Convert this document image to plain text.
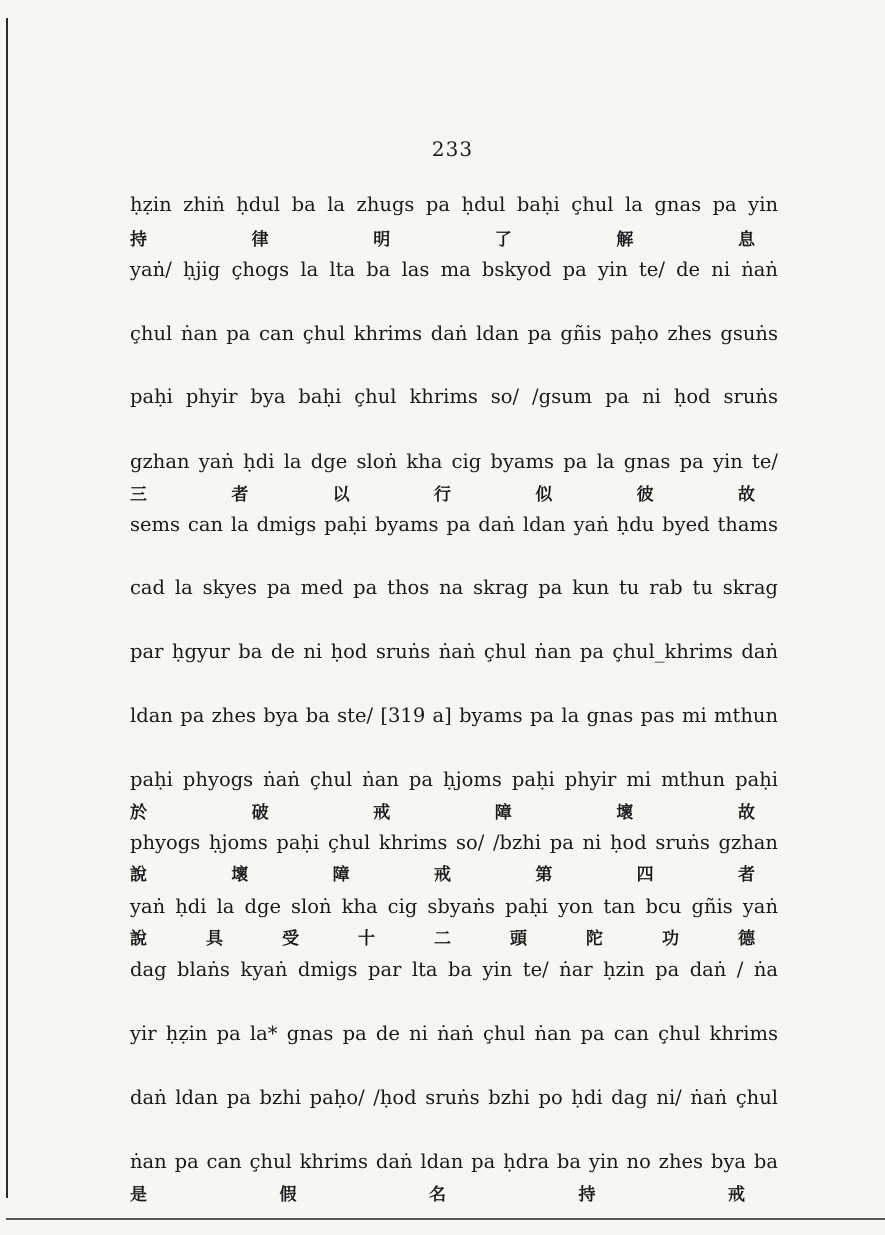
233
ḥẓin zhiṅ ḥdul ba la zhugs pa ḥdul baḥi çhul la gnas pa yin
持	律	明	了	解	息
yaṅ/ ḥjig çhogs la lta ba las ma bskyod pa yin te/ de ni ṅaṅ
çhul ṅan pa can çhul khrims daṅ ldan pa gñis paḥo zhes gsuṅs
paḥi phyir bya baḥi çhul khrims so/ /gsum pa ni ḥod sruṅs
gzhan yaṅ ḥdi la dge sloṅ kha cig byams pa la gnas pa yin te/
三	者	以	行	似	彼	故
sems can la dmigs paḥi byams pa daṅ ldan yaṅ ḥdu byed thams
cad la skyes pa med pa thos na skrag pa kun tu rab tu skrag
par ḥgyur ba de ni ḥod sruṅs ṅaṅ çhul ṅan pa çhul_khrims daṅ
ldan pa zhes bya ba ste/ [319 a] byams pa la gnas pas mi mthun
paḥi phyogs ṅaṅ çhul ṅan pa ḥjoms paḥi phyir mi mthun paḥi
於	破	戒	障	壞	故
phyogs ḥjoms paḥi çhul khrims so/ /bzhi pa ni ḥod sruṅs gzhan
說	壞	障	戒	第	四	者
yaṅ ḥdi la dge sloṅ kha cig sbyaṅs paḥi yon tan bcu gñis yaṅ
說	具	受	十	二	頭	陀	功	德
dag blaṅs kyaṅ dmigs par lta ba yin te/ ṅar ḥzin pa daṅ / ṅa
yir ḥẓin pa la* gnas pa de ni ṅaṅ çhul ṅan pa can çhul khrims
daṅ ldan pa bzhi paḥo/ /ḥod sruṅs bzhi po ḥdi dag ni/ ṅaṅ çhul
ṅan pa can çhul khrims daṅ ldan pa ḥdra ba yin no zhes bya ba
是	假	名	持	戒
